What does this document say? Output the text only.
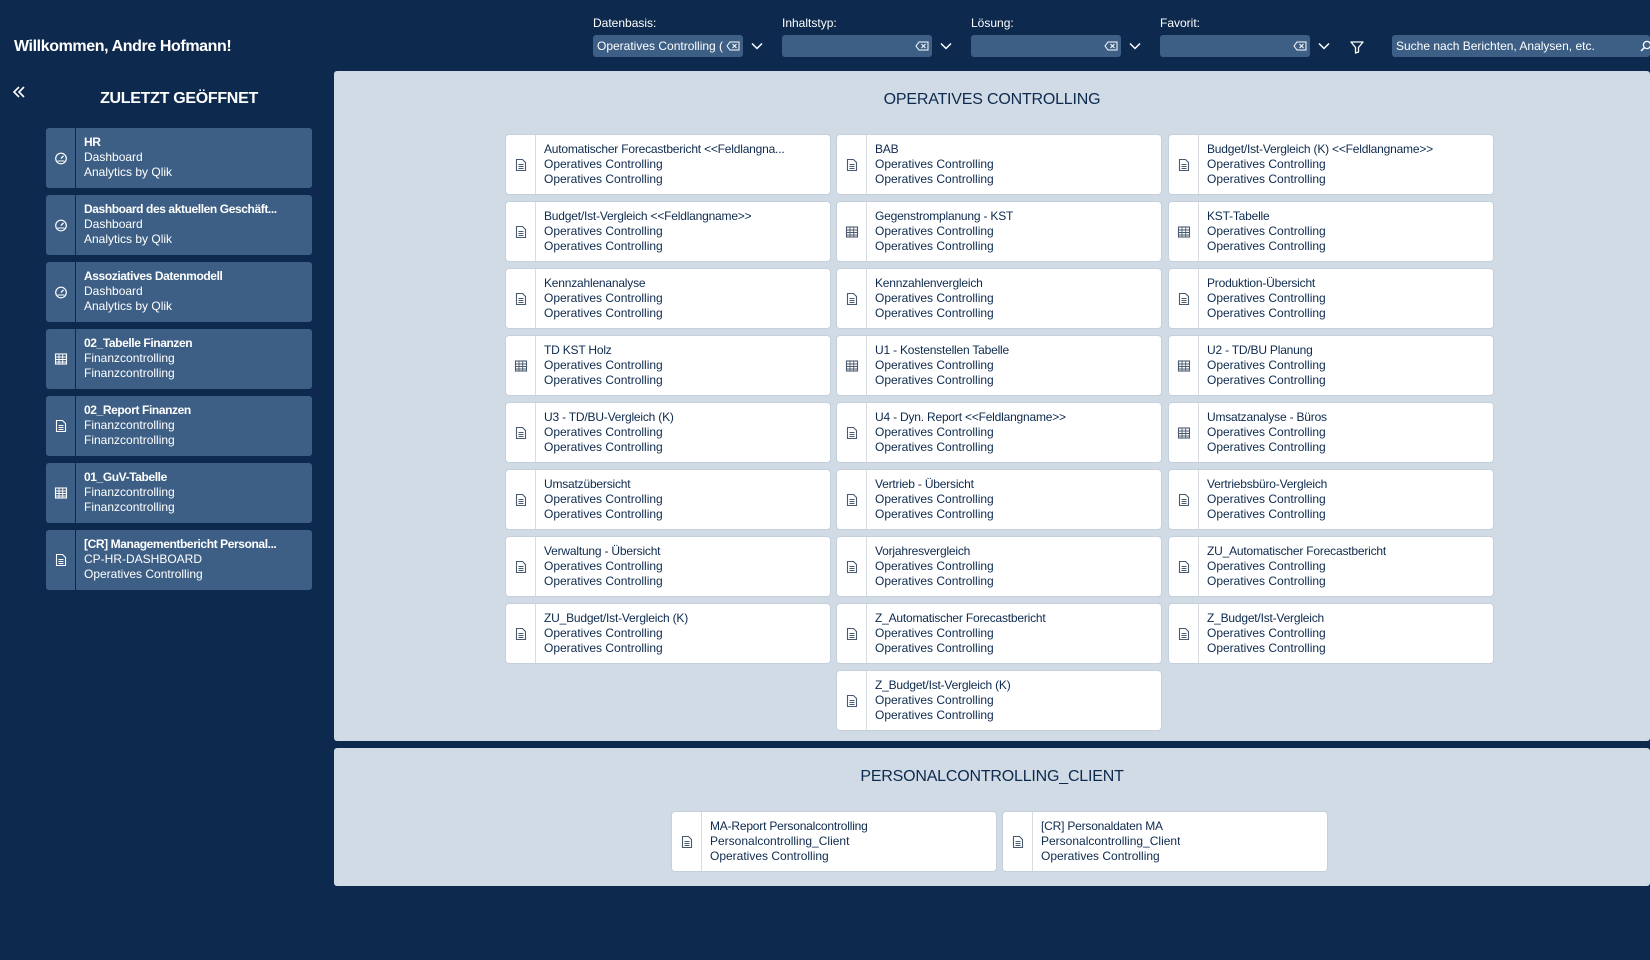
Willkommen, Andre Hofmann!
Datenbasis:
Operatives Controlling (
Inhaltstyp:	Lösung:	Favorit:
Suche nach Berichten, Analysen, etc.
ZULETZT GEÖFFNET
HR
Dashboard
Analytics by Qlik
Dashboard des aktuellen Geschäft...
Dashboard
Analytics by Qlik
Assoziatives Datenmodell
Dashboard
Analytics by Qlik
02_Tabelle Finanzen
Finanzcontrolling
Finanzcontrolling
02_Report Finanzen
Finanzcontrolling
Finanzcontrolling
01_GuV-Tabelle
Finanzcontrolling
Finanzcontrolling
[CR] Managementbericht Personal...
CP-HR-DASHBOARD
Operatives Controlling
OPERATIVES CONTROLLING
Automatischer Forecastbericht <<Feldlangna...
Operatives Controlling
Operatives Controlling
BAB
Operatives Controlling
Operatives Controlling
Budget/Ist-Vergleich (K) <<Feldlangname>>
Operatives Controlling
Operatives Controlling
Budget/Ist-Vergleich <<Feldlangname>>
Operatives Controlling
Operatives Controlling
Gegenstromplanung - KST
Operatives Controlling
Operatives Controlling
KST-Tabelle
Operatives Controlling
Operatives Controlling
Kennzahlenanalyse
Operatives Controlling
Operatives Controlling
Kennzahlenvergleich
Operatives Controlling
Operatives Controlling
Produktion-Übersicht
Operatives Controlling
Operatives Controlling
TD KST Holz
Operatives Controlling
Operatives Controlling
U1 - Kostenstellen Tabelle
Operatives Controlling
Operatives Controlling
U2 - TD/BU Planung
Operatives Controlling
Operatives Controlling
U3 - TD/BU-Vergleich (K)
Operatives Controlling
Operatives Controlling
U4 - Dyn. Report <<Feldlangname>>
Operatives Controlling
Operatives Controlling
Umsatzanalyse - Büros
Operatives Controlling
Operatives Controlling
Umsatzübersicht
Operatives Controlling
Operatives Controlling
Vertrieb - Übersicht
Operatives Controlling
Operatives Controlling
Vertriebsbüro-Vergleich
Operatives Controlling
Operatives Controlling
Verwaltung - Übersicht
Operatives Controlling
Operatives Controlling
Vorjahresvergleich
Operatives Controlling
Operatives Controlling
ZU_Automatischer Forecastbericht
Operatives Controlling
Operatives Controlling
ZU_Budget/Ist-Vergleich (K)
Operatives Controlling
Operatives Controlling
Z_Automatischer Forecastbericht
Operatives Controlling
Operatives Controlling
Z_Budget/Ist-Vergleich
Operatives Controlling
Operatives Controlling
Z_Budget/Ist-Vergleich (K)
Operatives Controlling
Operatives Controlling
PERSONALCONTROLLING_CLIENT
MA-Report Personalcontrolling
Personalcontrolling_Client
Operatives Controlling
[CR] Personaldaten MA
Personalcontrolling_Client
Operatives Controlling
